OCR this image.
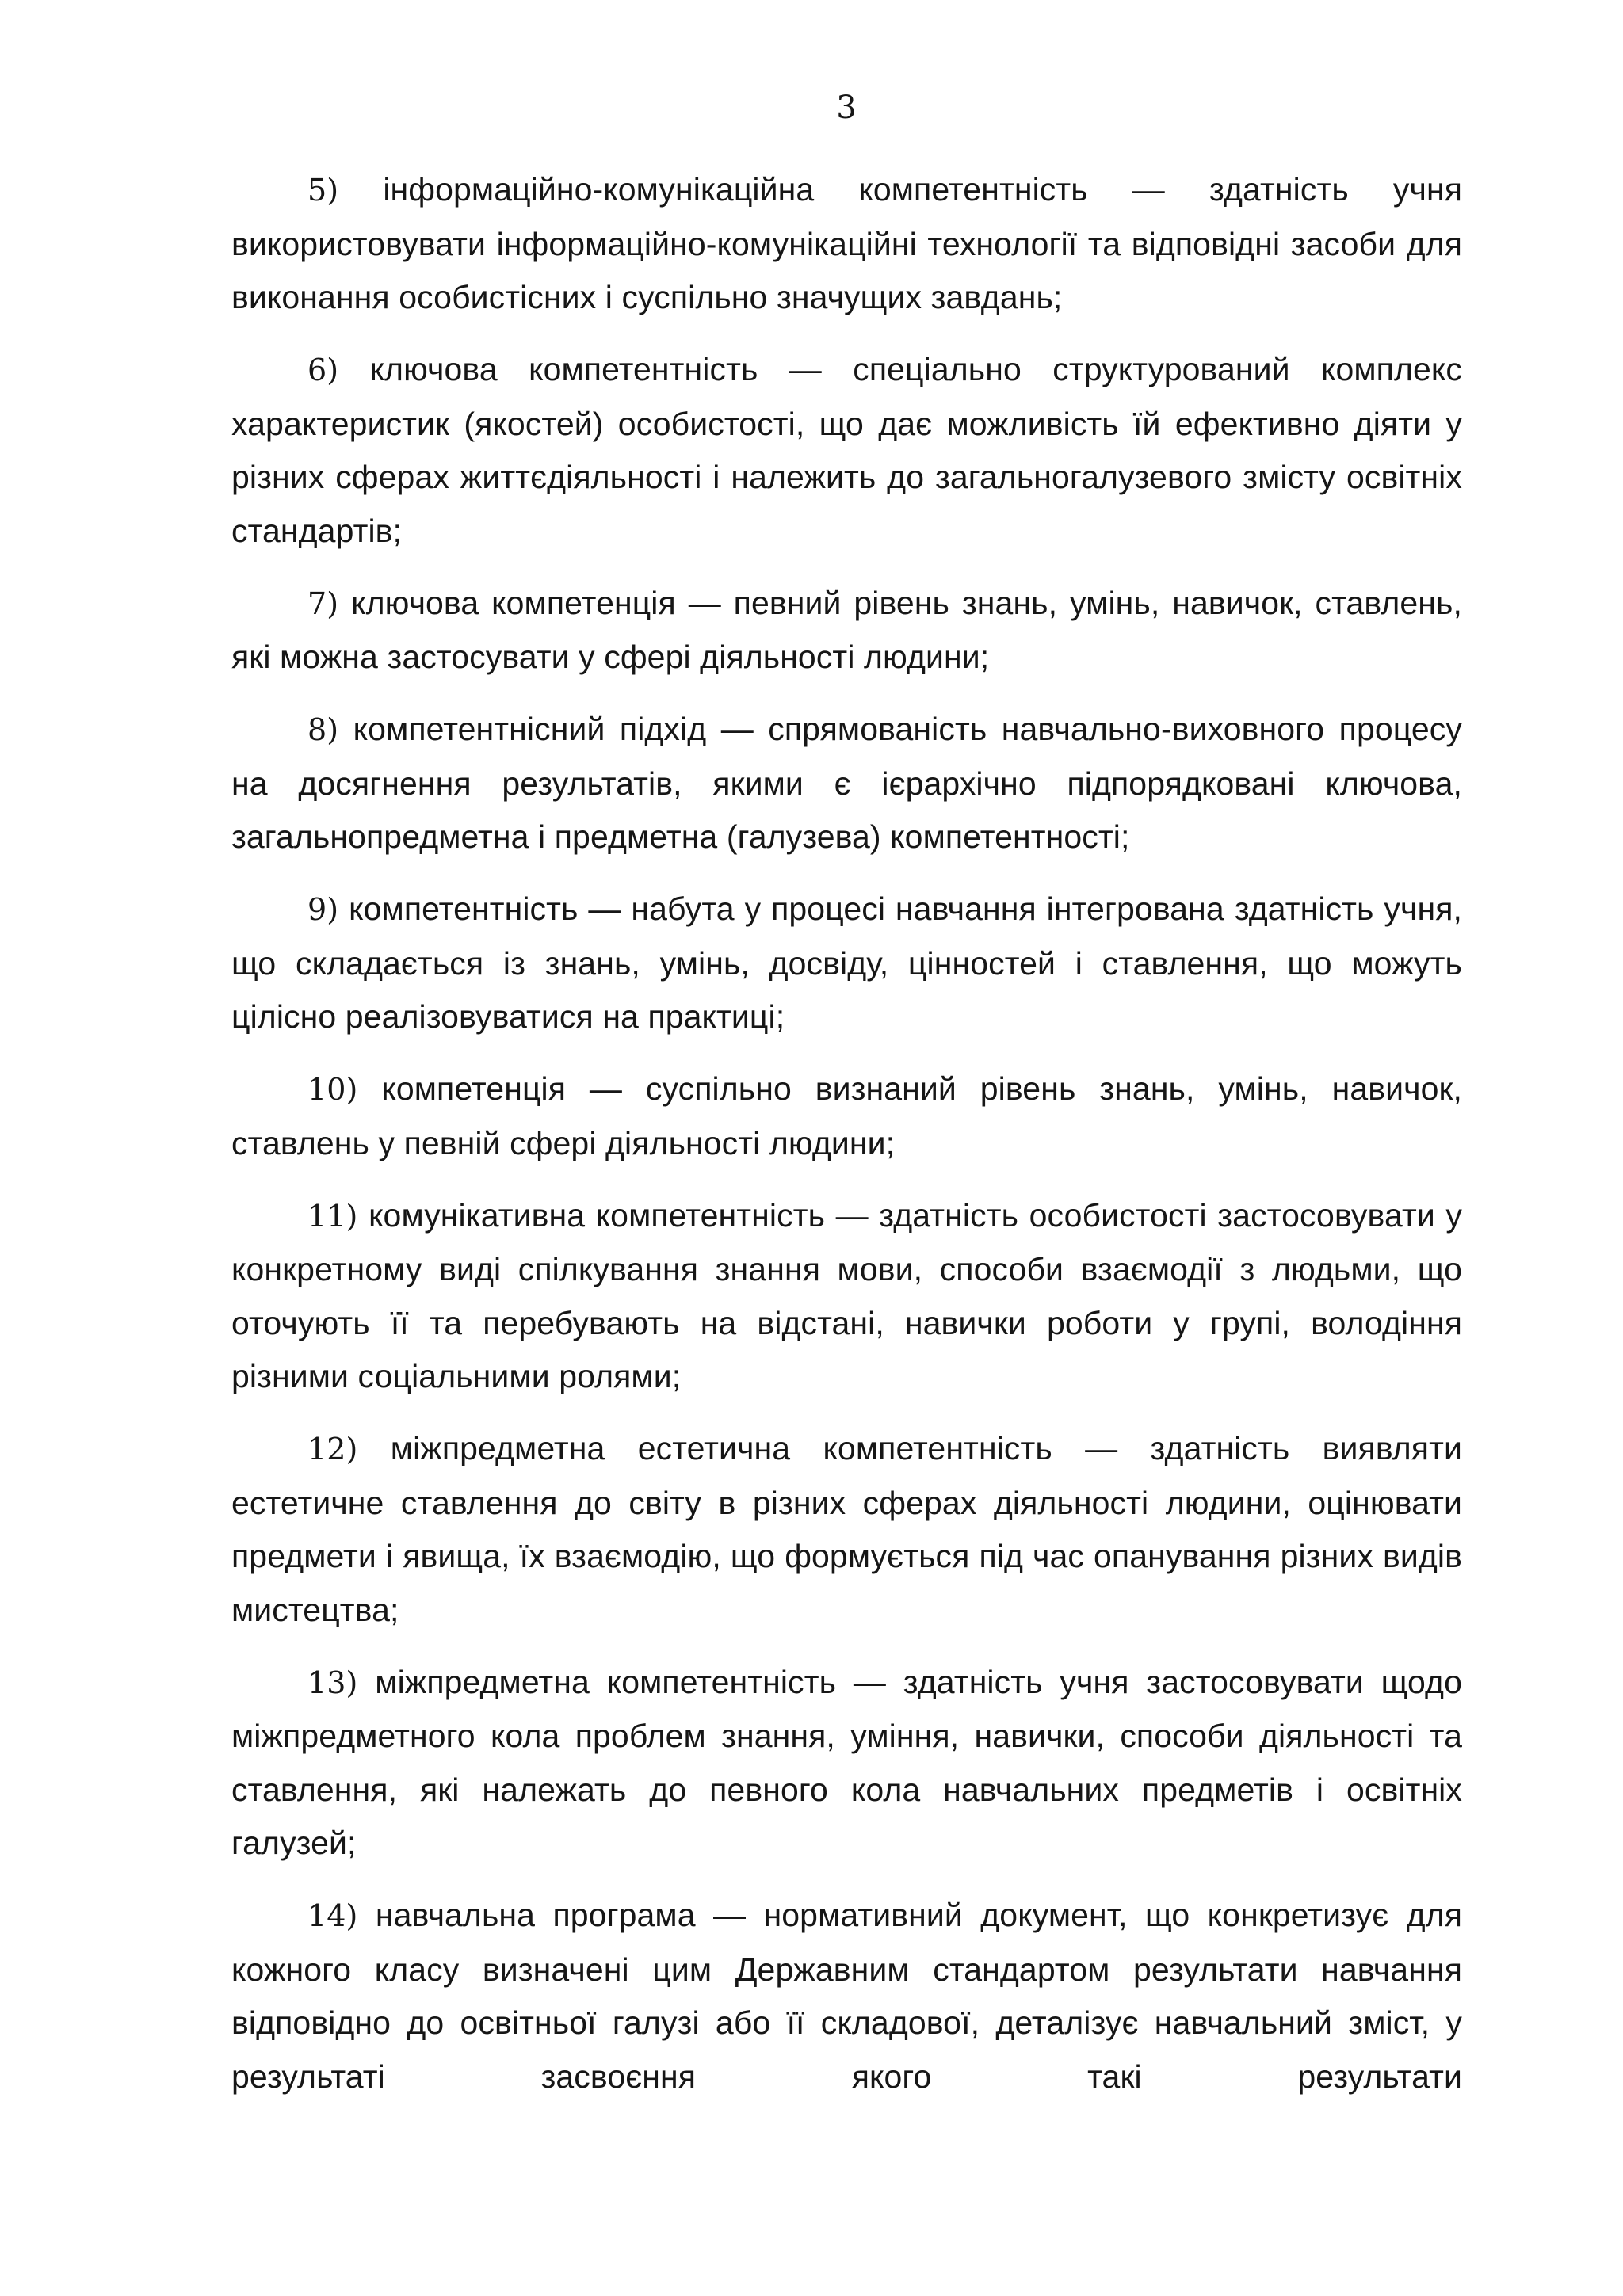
3

5) інформаційно-комунікаційна компетентність — здатність учня використовувати інформаційно-комунікаційні технології та відповідні засоби для виконання особистісних і суспільно значущих завдань;

6) ключова компетентність — спеціально структурований комплекс характеристик (якостей) особистості, що дає можливість їй ефективно діяти у різних сферах життєдіяльності і належить до загальногалузевого змісту освітніх стандартів;

7) ключова компетенція — певний рівень знань, умінь, навичок, ставлень, які можна застосувати у сфері діяльності людини;

8) компетентнісний підхід — спрямованість навчально-виховного процесу на досягнення результатів, якими є ієрархічно підпорядковані ключова, загальнопредметна і предметна (галузева) компетентності;

9) компетентність — набута у процесі навчання інтегрована здатність учня, що складається із знань, умінь, досвіду, цінностей і ставлення, що можуть цілісно реалізовуватися на практиці;

10) компетенція — суспільно визнаний рівень знань, умінь, навичок, ставлень у певній сфері діяльності людини;

11) комунікативна компетентність — здатність особистості застосовувати у конкретному виді спілкування знання мови, способи взаємодії з людьми, що оточують її та перебувають на відстані, навички роботи у групі, володіння різними соціальними ролями;

12) міжпредметна естетична компетентність — здатність виявляти естетичне ставлення до світу в різних сферах діяльності людини, оцінювати предмети і явища, їх взаємодію, що формується під час опанування різних видів мистецтва;

13) міжпредметна компетентність — здатність учня застосовувати щодо міжпредметного кола проблем знання, уміння, навички, способи діяльності та ставлення, які належать до певного кола навчальних предметів і освітніх галузей;

14) навчальна програма — нормативний документ, що конкретизує для кожного класу визначені цим Державним стандартом результати навчання відповідно до освітньої галузі або її складової, деталізує навчальний зміст, у результаті засвоєння якого такі результати
